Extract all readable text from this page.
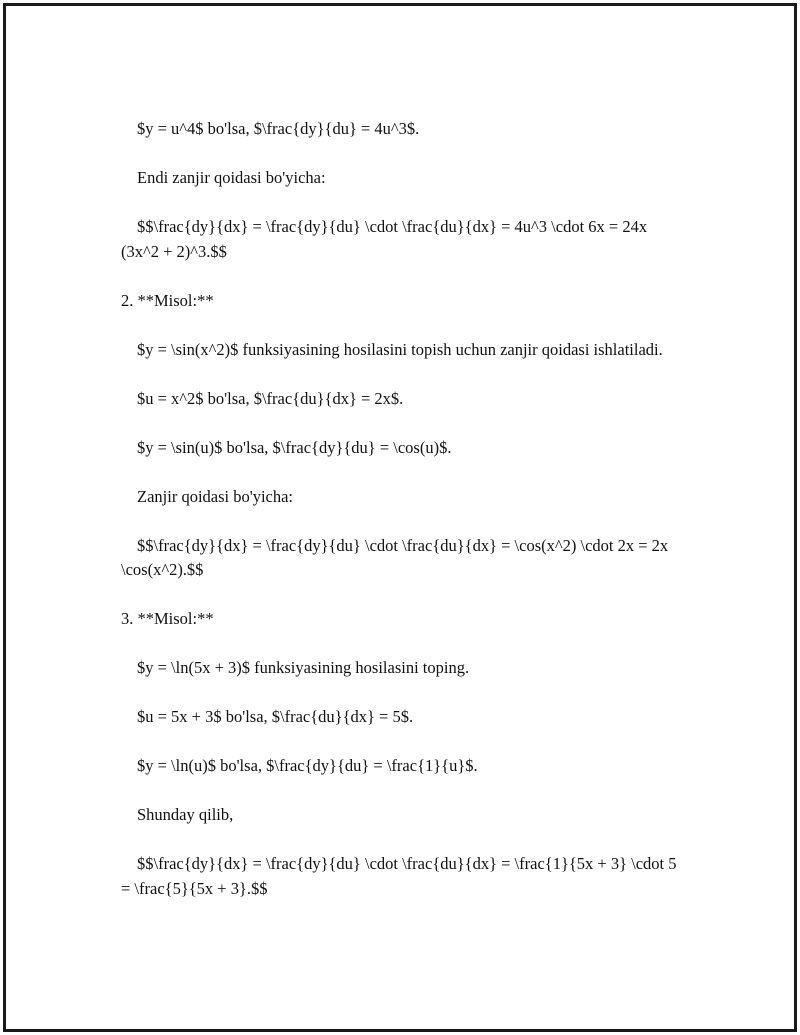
$y = u^4$ bo'lsa, $\frac{dy}{du} = 4u^3$.

Endi zanjir qoidasi bo'yicha:

$$\frac{dy}{dx} = \frac{dy}{du} \cdot \frac{du}{dx} = 4u^3 \cdot 6x = 24x (3x^2 + 2)^3.$$

2. **Misol:**

$y = \sin(x^2)$ funksiyasining hosilasini topish uchun zanjir qoidasi ishlatiladi.

$u = x^2$ bo'lsa, $\frac{du}{dx} = 2x$.

$y = \sin(u)$ bo'lsa, $\frac{dy}{du} = \cos(u)$.

Zanjir qoidasi bo'yicha:

$$\frac{dy}{dx} = \frac{dy}{du} \cdot \frac{du}{dx} = \cos(x^2) \cdot 2x = 2x \cos(x^2).$$

3. **Misol:**

$y = \ln(5x + 3)$ funksiyasining hosilasini toping.

$u = 5x + 3$ bo'lsa, $\frac{du}{dx} = 5$.

$y = \ln(u)$ bo'lsa, $\frac{dy}{du} = \frac{1}{u}$.

Shunday qilib,

$$\frac{dy}{dx} = \frac{dy}{du} \cdot \frac{du}{dx} = \frac{1}{5x + 3} \cdot 5 = \frac{5}{5x + 3}.$$
